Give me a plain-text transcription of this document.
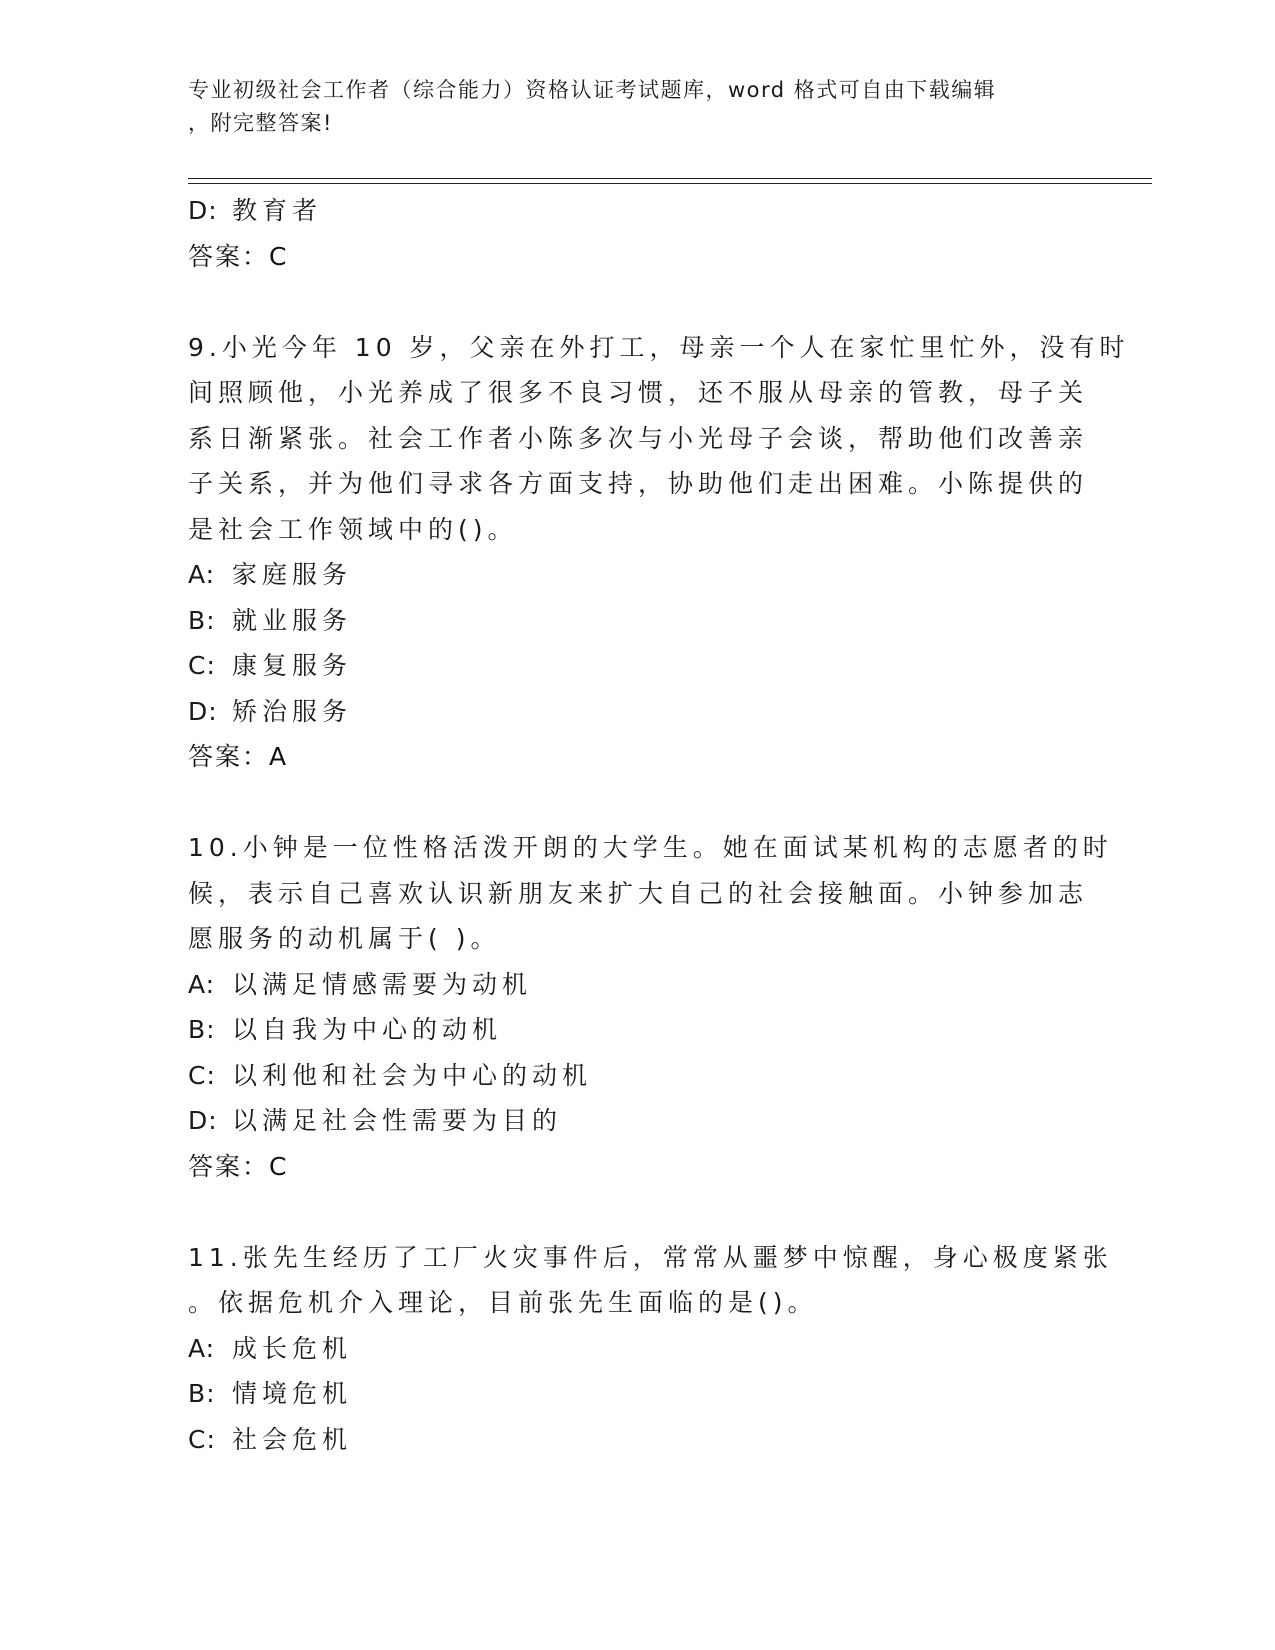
专业初级社会工作者（综合能力）资格认证考试题库，word 格式可自由下载编辑
，附完整答案!
D: 教育者
答案：C
9.小光今年 10 岁，父亲在外打工，母亲一个人在家忙里忙外，没有时
间照顾他，小光养成了很多不良习惯，还不服从母亲的管教，母子关
系日渐紧张。社会工作者小陈多次与小光母子会谈，帮助他们改善亲
子关系，并为他们寻求各方面支持，协助他们走出困难。小陈提供的
是社会工作领域中的()。
A: 家庭服务
B: 就业服务
C: 康复服务
D: 矫治服务
答案：A
10.小钟是一位性格活泼开朗的大学生。她在面试某机构的志愿者的时
候，表示自己喜欢认识新朋友来扩大自己的社会接触面。小钟参加志
愿服务的动机属于( )。
A: 以满足情感需要为动机
B: 以自我为中心的动机
C: 以利他和社会为中心的动机
D: 以满足社会性需要为目的
答案：C
11.张先生经历了工厂火灾事件后，常常从噩梦中惊醒，身心极度紧张
。依据危机介入理论，目前张先生面临的是()。
A: 成长危机
B: 情境危机
C: 社会危机
